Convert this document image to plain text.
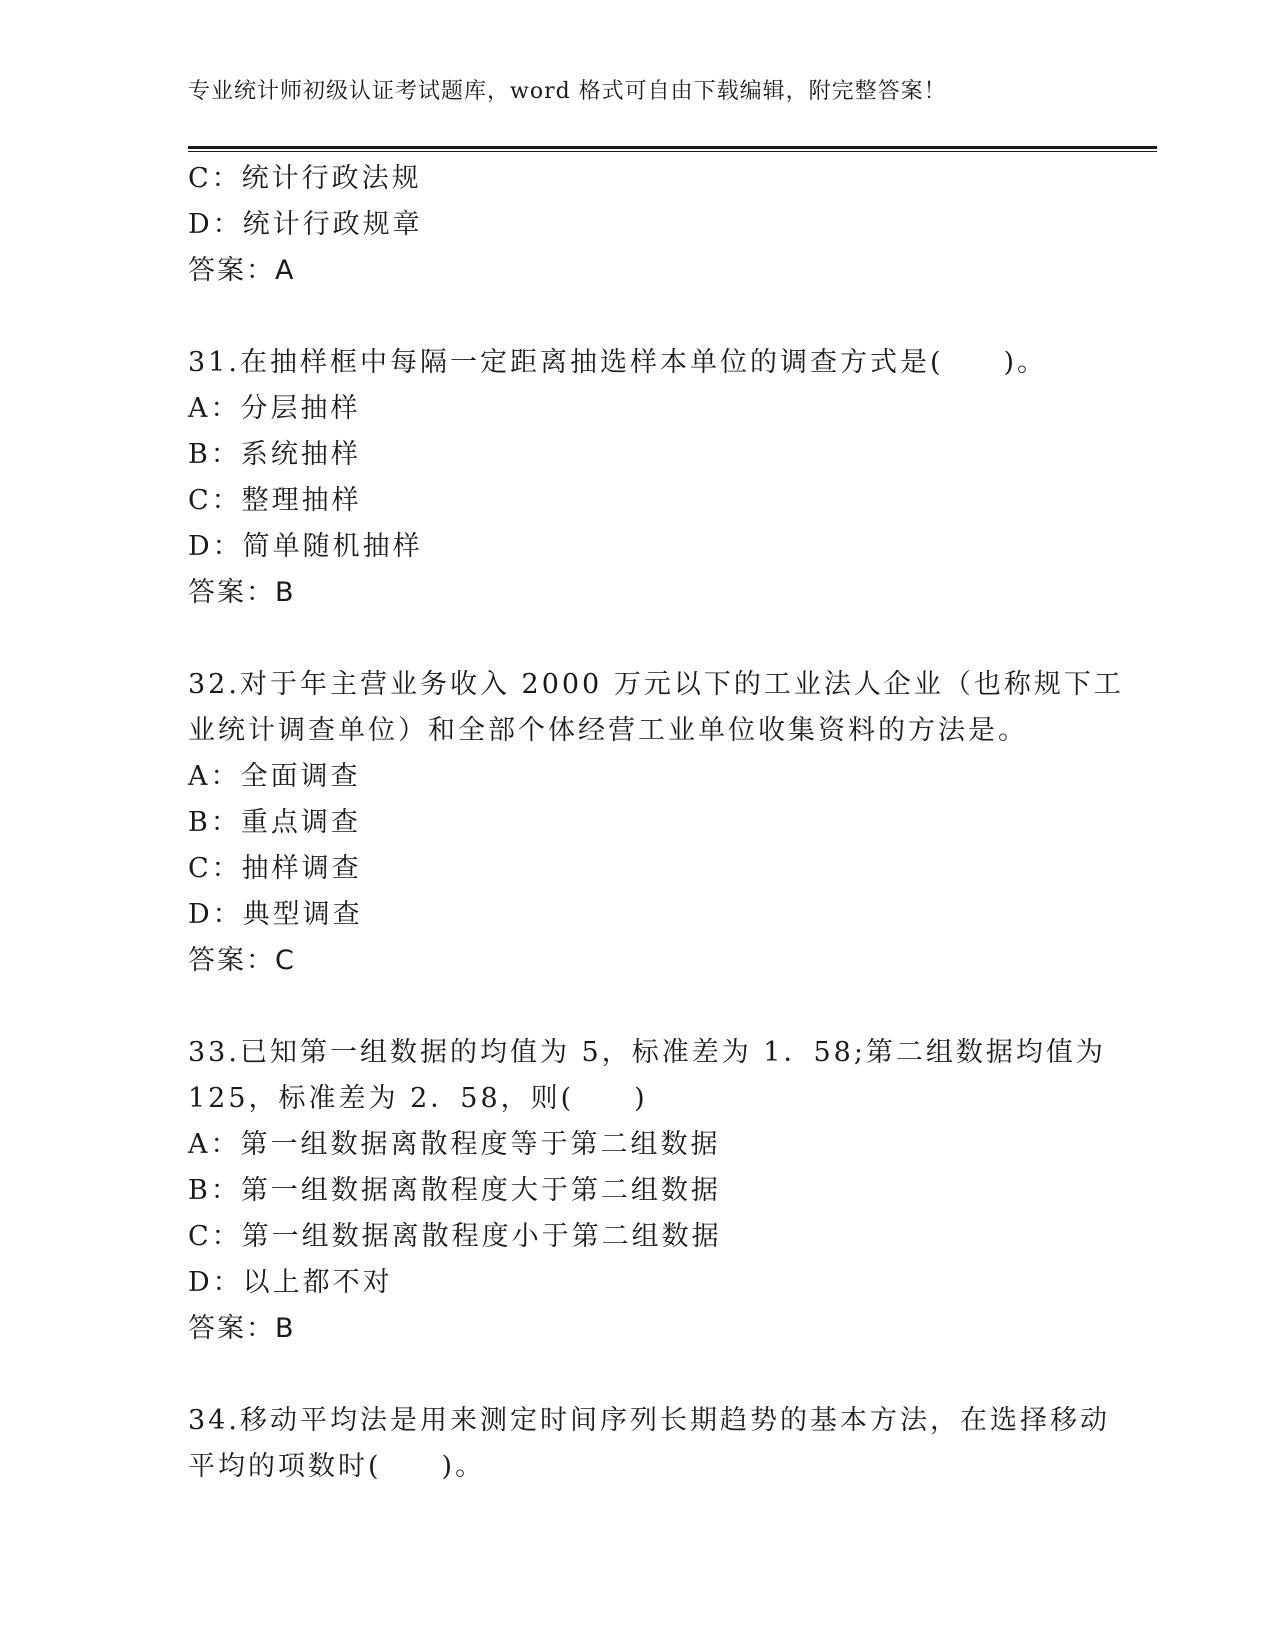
专业统计师初级认证考试题库，word 格式可自由下载编辑，附完整答案！
C：统计行政法规
D：统计行政规章
答案：A
31.在抽样框中每隔一定距离抽选样本单位的调查方式是(　　)。
A：分层抽样
B：系统抽样
C：整理抽样
D：简单随机抽样
答案：B
32.对于年主营业务收入 2000 万元以下的工业法人企业（也称规下工
业统计调查单位）和全部个体经营工业单位收集资料的方法是。
A：全面调查
B：重点调查
C：抽样调查
D：典型调查
答案：C
33.已知第一组数据的均值为 5，标准差为 1．58;第二组数据均值为
125，标准差为 2．58，则(　　)
A：第一组数据离散程度等于第二组数据
B：第一组数据离散程度大于第二组数据
C：第一组数据离散程度小于第二组数据
D：以上都不对
答案：B
34.移动平均法是用来测定时间序列长期趋势的基本方法，在选择移动
平均的项数时(　　)。
